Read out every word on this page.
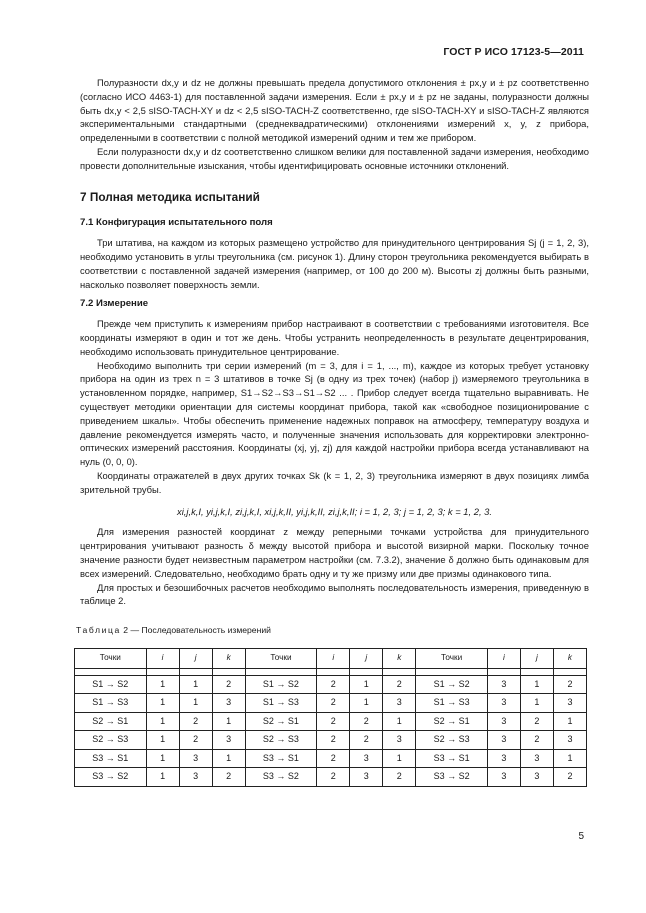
ГОСТ Р ИСО 17123-5—2011

Полуразности dx,y и dz не должны превышать предела допустимого отклонения ± px,y и ± pz соответственно (согласно ИСО 4463-1) для поставленной задачи измерения. Если ± px,y и ± pz не заданы, полуразности должны быть dx,y < 2,5 sISO-TACH-XY и dz < 2,5 sISO-TACH-Z соответственно, где sISO-TACH-XY и sISO-TACH-Z являются экспериментальными стандартными (среднеквадратическими) отклонениями измерений x, y, z прибора, определенными в соответствии с полной методикой измерений одним и тем же прибором.

Если полуразности dx,y и dz соответственно слишком велики для поставленной задачи измерения, необходимо провести дополнительные изыскания, чтобы идентифицировать основные источники отклонений.

7 Полная методика испытаний
7.1 Конфигурация испытательного поля

Три штатива, на каждом из которых размещено устройство для принудительного центрирования Sj (j = 1, 2, 3), необходимо установить в углы треугольника (см. рисунок 1). Длину сторон треугольника рекомендуется выбирать в соответствии с поставленной задачей измерения (например, от 100 до 200 м). Высоты zj должны быть разными, насколько позволяет поверхность земли.

7.2 Измерение

Прежде чем приступить к измерениям прибор настраивают в соответствии с требованиями изготовителя. Все координаты измеряют в один и тот же день. Чтобы устранить неопределенность в результате децентрирования, необходимо использовать принудительное центрирование.

Необходимо выполнить три серии измерений (m = 3, для i = 1, ..., m), каждое из которых требует установку прибора на один из трех n = 3 штативов в точке Sj (в одну из трех точек) (набор j) измеряемого треугольника в установленном порядке, например, S1→S2→S3→S1→S2 ... . Прибор следует всегда тщательно выравнивать. Не существует методики ориентации для системы координат прибора, такой как «свободное позиционирование с приведением шкалы». Чтобы обеспечить применение надежных поправок на атмосферу, температуру воздуха и давление рекомендуется измерять часто, и полученные значения использовать для корректировки электронно-оптических измерений расстояния. Координаты (xj, yj, zj) для каждой настройки прибора всегда устанавливают на нуль (0, 0, 0).

Координаты отражателей в двух других точках Sk (k = 1, 2, 3) треугольника измеряют в двух позициях лимба зрительной трубы.

xi,j,k,I, yi,j,k,I, zi,j,k,I, xi,j,k,II, yi,j,k,II, zi,j,k,II; i = 1, 2, 3; j = 1, 2, 3; k = 1, 2, 3.

Для измерения разностей координат z между реперными точками устройства для принудительного центрирования учитывают разность δ между высотой прибора и высотой визирной марки. Поскольку точное значение разности будет неизвестным параметром настройки (см. 7.3.2), значение δ должно быть одинаковым для всех измерений. Следовательно, необходимо брать одну и ту же призму или две призмы одинакового типа.

Для простых и безошибочных расчетов необходимо выполнять последовательность измерения, приведенную в таблице 2.

Таблица 2 — Последовательность измерений
Точки	i	j	k	Точки	i	j	k	Точки	i	j	k

S1 → S2	1	1	2	S1 → S2	2	1	2	S1 → S2	3	1	2
S1 → S3	1	1	3	S1 → S3	2	1	3	S1 → S3	3	1	3
S2 → S1	1	2	1	S2 → S1	2	2	1	S2 → S1	3	2	1
S2 → S3	1	2	3	S2 → S3	2	2	3	S2 → S3	3	2	3
S3 → S1	1	3	1	S3 → S1	2	3	1	S3 → S1	3	3	1
S3 → S2	1	3	2	S3 → S2	2	3	2	S3 → S2	3	3	2
5
